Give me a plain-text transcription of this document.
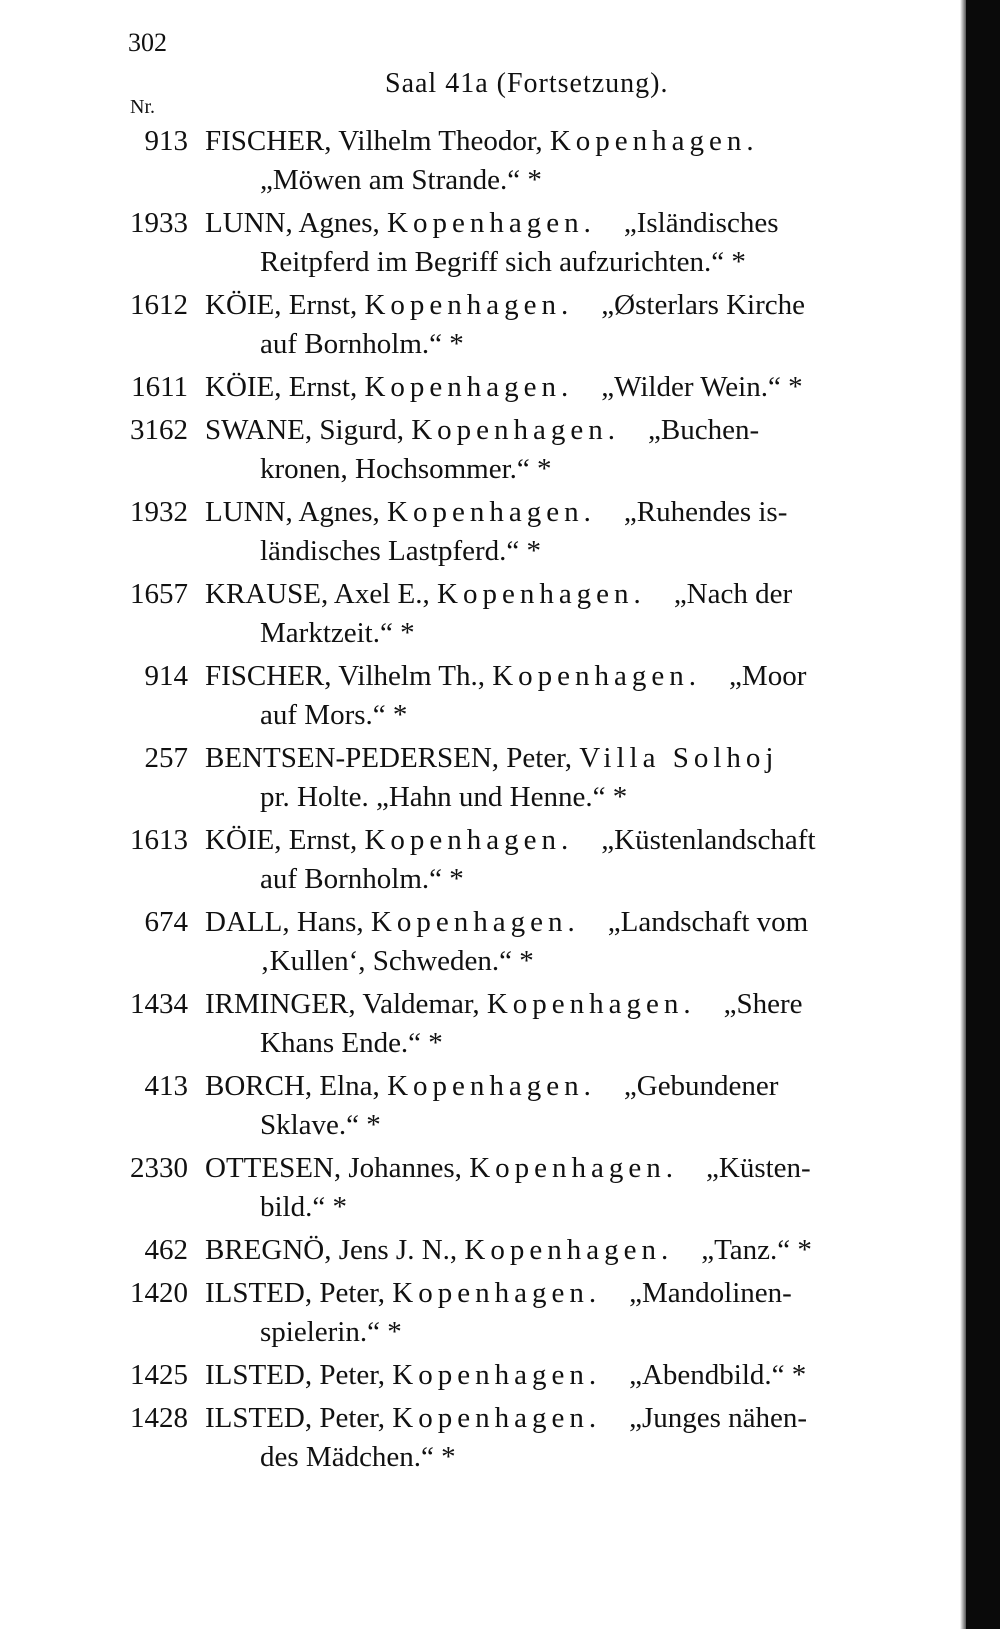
302
Saal 41a (Fortsetzung).
Nr.
913 FISCHER, Vilhelm Theodor, Kopenhagen.
„Möwen am Strande.“ *
1933 LUNN, Agnes, Kopenhagen. „Isländisches
Reitpferd im Begriff sich aufzurichten.“ *
1612 KÖIE, Ernst, Kopenhagen. „Østerlars Kirche
auf Bornholm.“ *
1611 KÖIE, Ernst, Kopenhagen. „Wilder Wein.“ *
3162 SWANE, Sigurd, Kopenhagen. „Buchen-
kronen, Hochsommer.“ *
1932 LUNN, Agnes, Kopenhagen. „Ruhendes is-
ländisches Lastpferd.“ *
1657 KRAUSE, Axel E., Kopenhagen. „Nach der
Marktzeit.“ *
914 FISCHER, Vilhelm Th., Kopenhagen. „Moor
auf Mors.“ *
257 BENTSEN-PEDERSEN, Peter, Villa Solhoj
pr. Holte. „Hahn und Henne.“ *
1613 KÖIE, Ernst, Kopenhagen. „Küstenlandschaft
auf Bornholm.“ *
674 DALL, Hans, Kopenhagen. „Landschaft vom
‚Kullen‘, Schweden.“ *
1434 IRMINGER, Valdemar, Kopenhagen. „Shere
Khans Ende.“ *
413 BORCH, Elna, Kopenhagen. „Gebundener
Sklave.“ *
2330 OTTESEN, Johannes, Kopenhagen. „Küsten-
bild.“ *
462 BREGNÖ, Jens J. N., Kopenhagen. „Tanz.“ *
1420 ILSTED, Peter, Kopenhagen. „Mandolinen-
spielerin.“ *
1425 ILSTED, Peter, Kopenhagen. „Abendbild.“ *
1428 ILSTED, Peter, Kopenhagen. „Junges nähen-
des Mädchen.“ *
